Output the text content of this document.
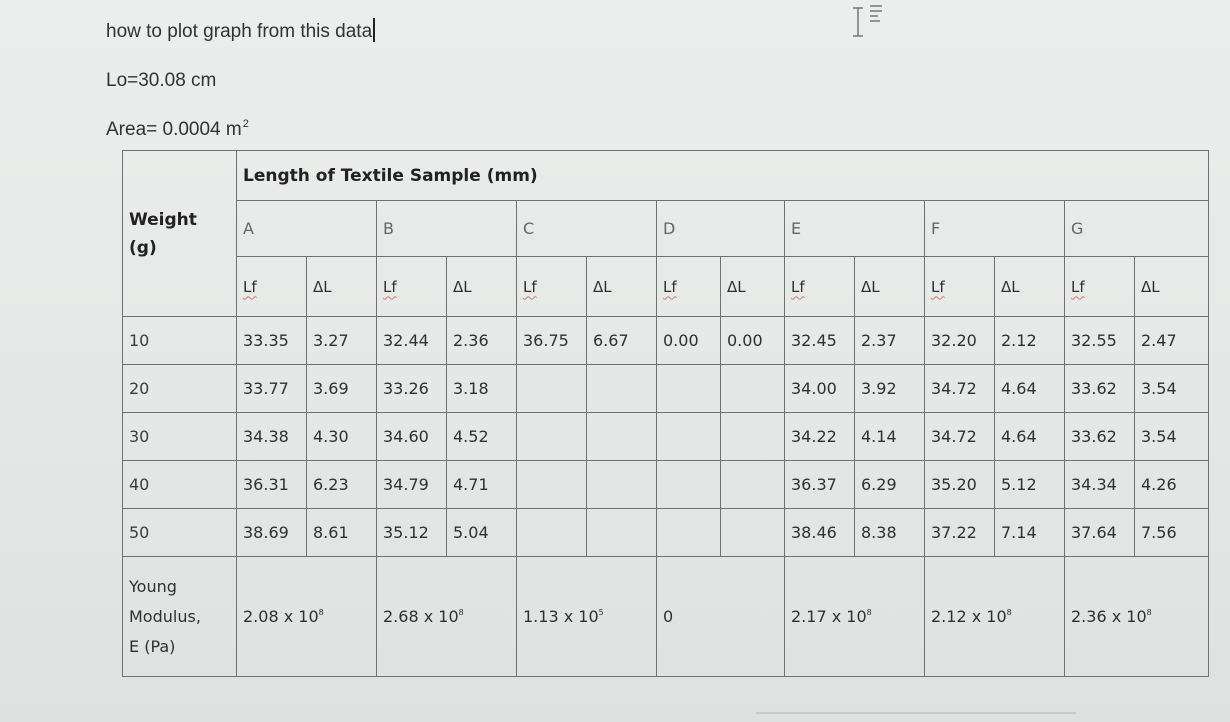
how to plot graph from this data
Lo=30.08 cm
Area= 0.0004 $m^2$
Weight
(g)	Length of Textile Sample (mm)													
	A		B		C		D		E		F		G	
	Lf	ΔL	Lf	ΔL	Lf	ΔL	Lf	ΔL	Lf	ΔL	Lf	ΔL	Lf	ΔL
10	33.35	3.27	32.44	2.36	36.75	6.67	0.00	0.00	32.45	2.37	32.20	2.12	32.55	2.47
20	33.77	3.69	33.26	3.18					34.00	3.92	34.72	4.64	33.62	3.54
30	34.38	4.30	34.60	4.52					34.22	4.14	34.72	4.64	33.62	3.54
40	36.31	6.23	34.79	4.71					36.37	6.29	35.20	5.12	34.34	4.26
50	38.69	8.61	35.12	5.04					38.46	8.38	37.22	7.14	37.64	7.56

Young
Modulus,
E (Pa)	2.08 x $10^8$		2.68 x $10^8$		1.13 x $10^5$		0		2.17 x $10^8$		2.12 x $10^8$		2.36 x $10^8$
